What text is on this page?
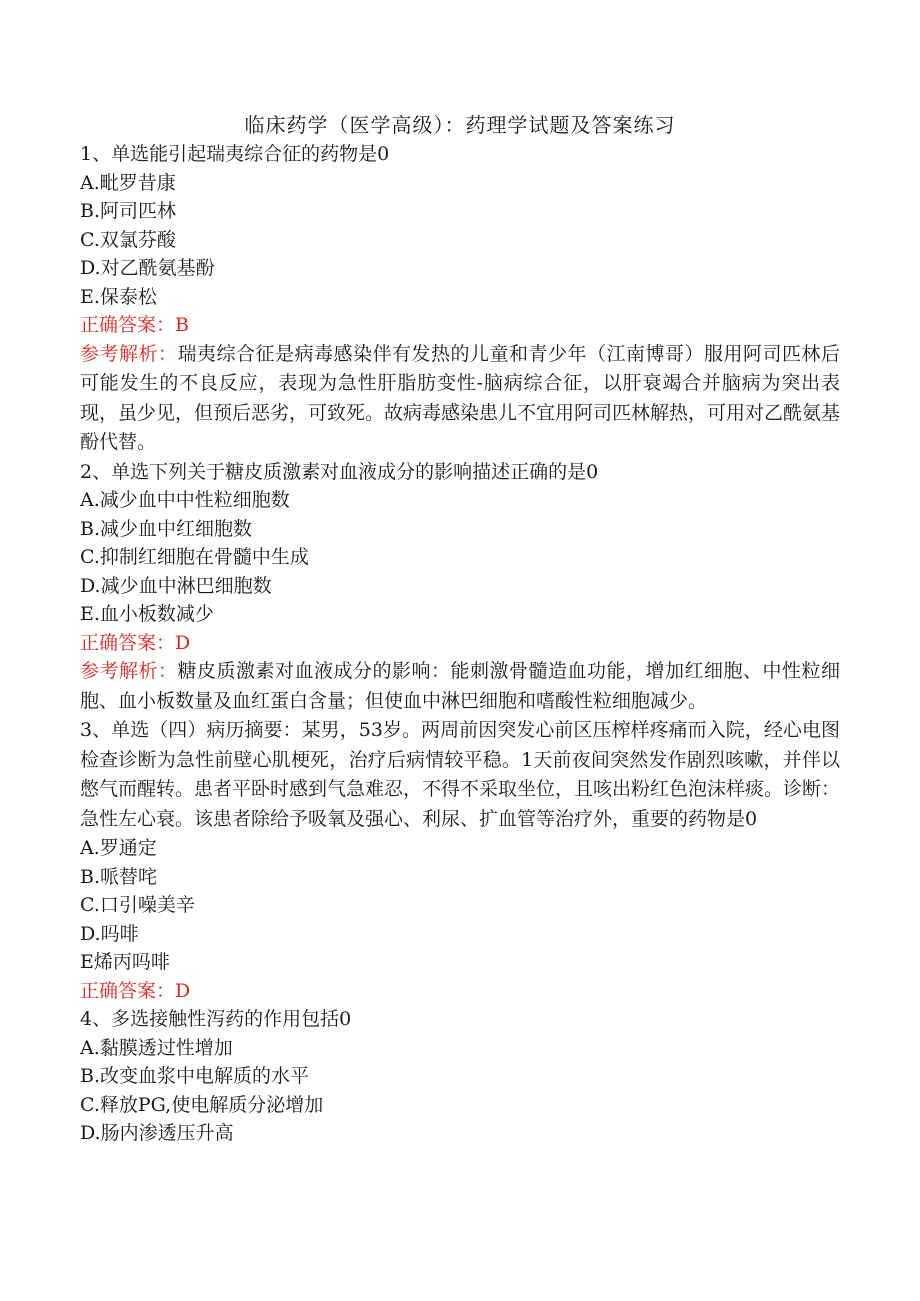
临床药学（医学高级）：药理学试题及答案练习
1、单选能引起瑞夷综合征的药物是0
A.毗罗昔康
B.阿司匹林
C.双氯芬酸
D.对乙酰氨基酚
E.保泰松
正确答案：B
参考解析：瑞夷综合征是病毒感染伴有发热的儿童和青少年（江南博哥）服用阿司匹林后可能发生的不良反应，表现为急性肝脂肪变性-脑病综合征，以肝衰竭合并脑病为突出表现，虽少见，但预后恶劣，可致死。故病毒感染患儿不宜用阿司匹林解热，可用对乙酰氨基酚代替。
2、单选下列关于糖皮质激素对血液成分的影响描述正确的是0
A.减少血中中性粒细胞数
B.减少血中红细胞数
C.抑制红细胞在骨髓中生成
D.减少血中淋巴细胞数
E.血小板数减少
正确答案：D
参考解析：糖皮质激素对血液成分的影响：能刺激骨髓造血功能，增加红细胞、中性粒细胞、血小板数量及血红蛋白含量；但使血中淋巴细胞和嗜酸性粒细胞减少。
3、单选（四）病历摘要：某男，53岁。两周前因突发心前区压榨样疼痛而入院，经心电图检查诊断为急性前壁心肌梗死，治疗后病情较平稳。1天前夜间突然发作剧烈咳嗽，并伴以憋气而醒转。患者平卧时感到气急难忍，不得不采取坐位，且咳出粉红色泡沫样痰。诊断：急性左心衰。该患者除给予吸氧及强心、利尿、扩血管等治疗外，重要的药物是0
A.罗通定
B.哌替咤
C.口引噪美辛
D.吗啡
E烯丙吗啡
正确答案：D
4、多选接触性泻药的作用包括0
A.黏膜透过性增加
B.改变血浆中电解质的水平
C.释放PG,使电解质分泌增加
D.肠内渗透压升高
